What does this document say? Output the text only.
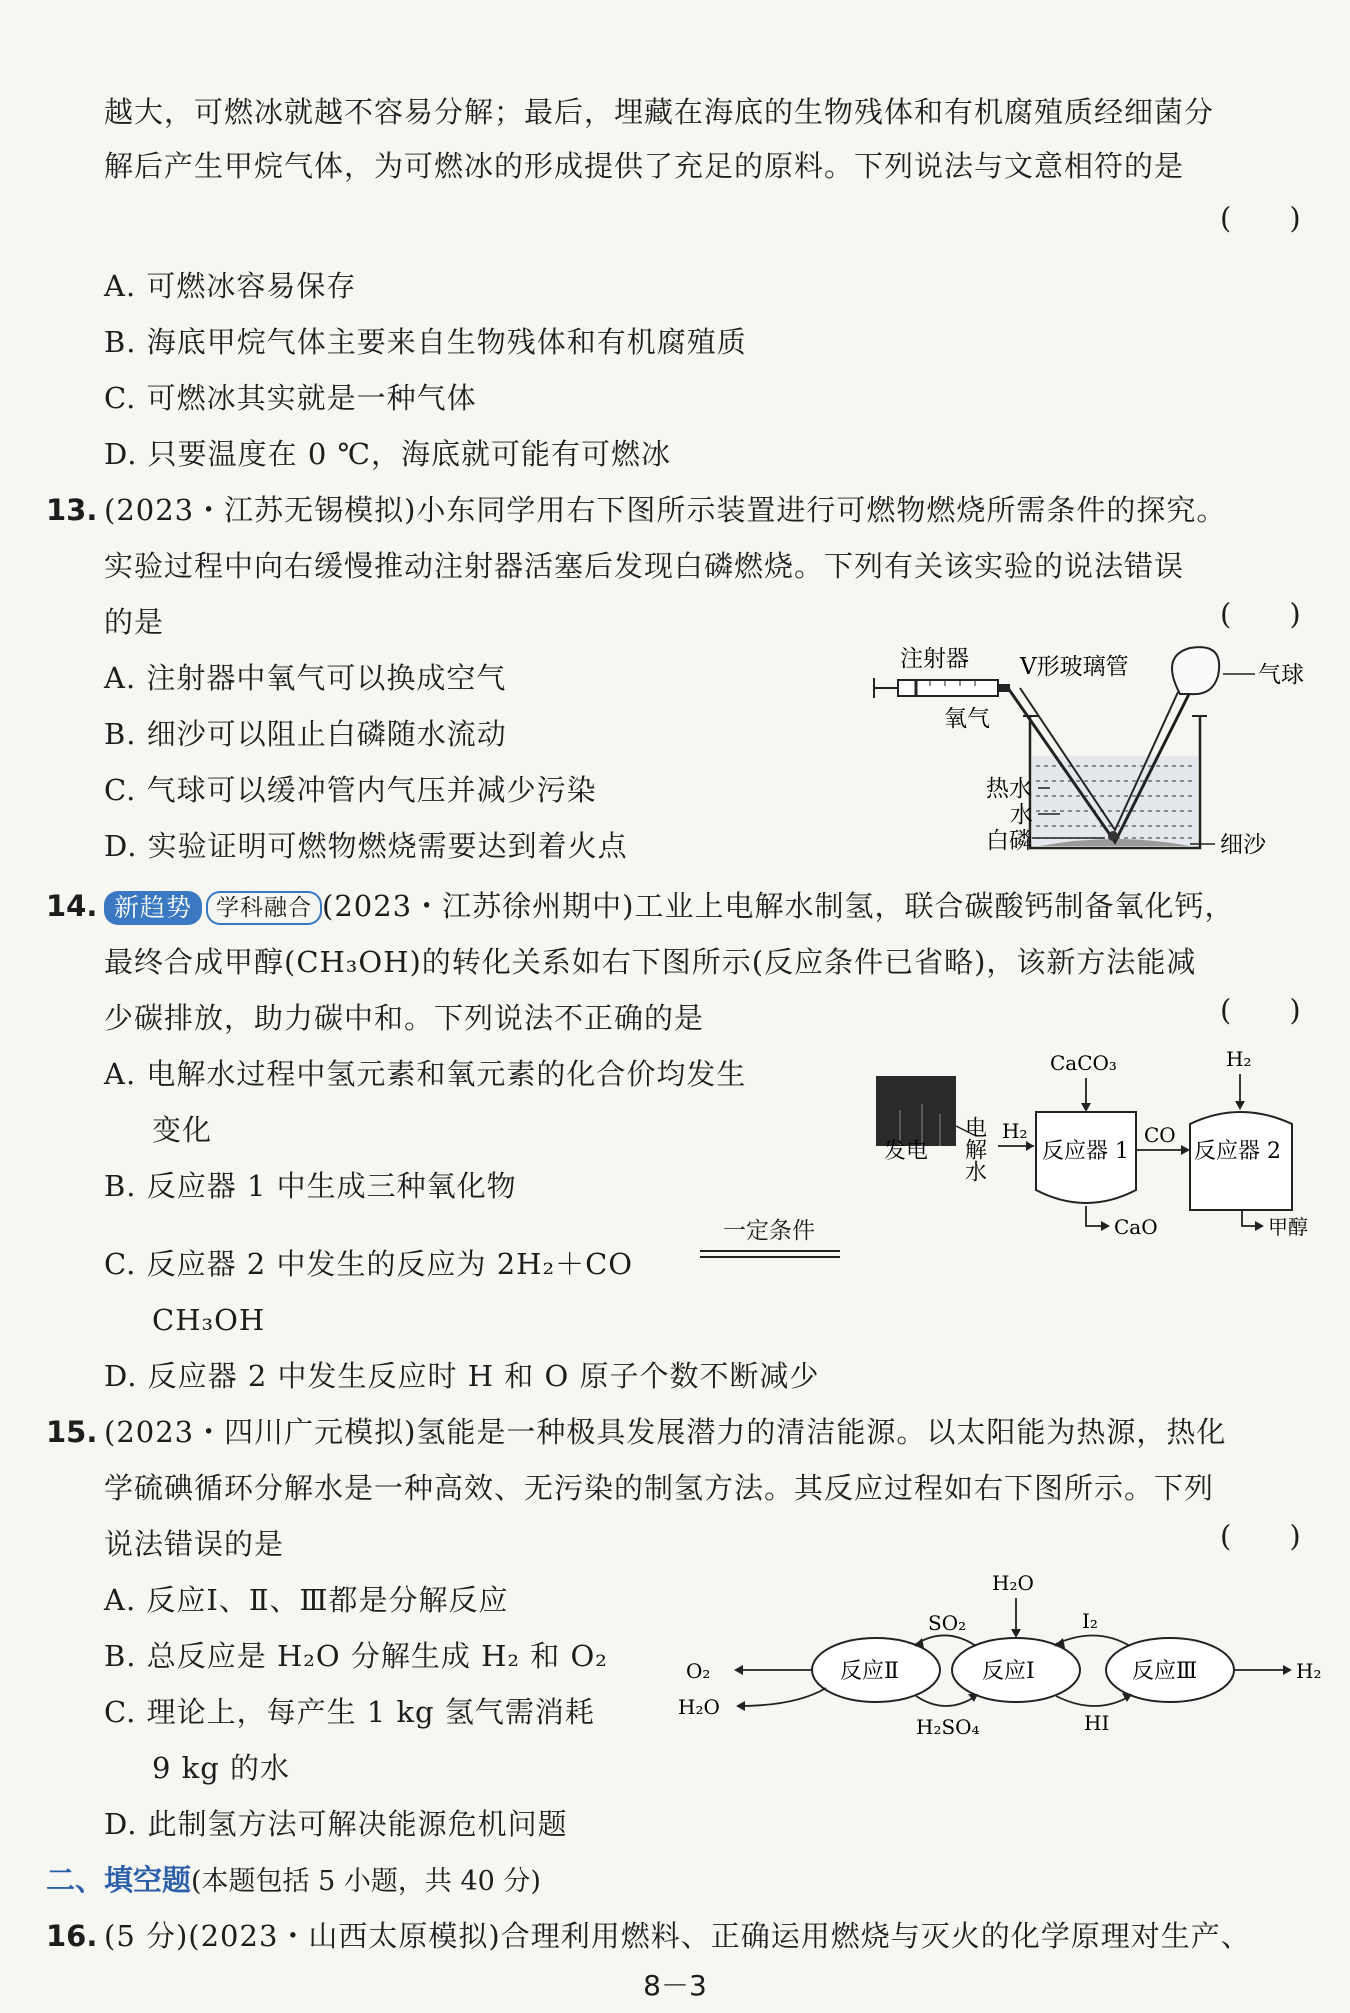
越大，可燃冰就越不容易分解；最后，埋藏在海底的生物残体和有机腐殖质经细菌分
解后产生甲烷气体，为可燃冰的形成提供了充足的原料。下列说法与文意相符的是
(　　)
A. 可燃冰容易保存
B. 海底甲烷气体主要来自生物残体和有机腐殖质
C. 可燃冰其实就是一种气体
D. 只要温度在 0 ℃，海底就可能有可燃冰
13. (2023・江苏无锡模拟)小东同学用右下图所示装置进行可燃物燃烧所需条件的探究。
实验过程中向右缓慢推动注射器活塞后发现白磷燃烧。下列有关该实验的说法错误
的是	(　　)
A. 注射器中氧气可以换成空气
B. 细沙可以阻止白磷随水流动
C. 气球可以缓冲管内气压并减少污染
D. 实验证明可燃物燃烧需要达到着火点
注射器 V形玻璃管	气球
氧气
热水
水
白磷	细沙
14. 新趋势 学科融合 (2023・江苏徐州期中)工业上电解水制氢，联合碳酸钙制备氧化钙，
最终合成甲醇(CH₃OH)的转化关系如右下图所示(反应条件已省略)，该新方法能减
少碳排放，助力碳中和。下列说法不正确的是	(　　)
A. 电解水过程中氢元素和氧元素的化合价均发生
变化
B. 反应器 1 中生成三种氧化物
C. 反应器 2 中发生的反应为 2H₂＋CO
一定条件
CH₃OH
D. 反应器 2 中发生反应时 H 和 O 原子个数不断减少
发电 电解水 H₂
反应器 1
CaCO₃
CaO
CO
反应器 2
H₂
甲醇
15. (2023・四川广元模拟)氢能是一种极具发展潜力的清洁能源。以太阳能为热源，热化
学硫碘循环分解水是一种高效、无污染的制氢方法。其反应过程如右下图所示。下列
说法错误的是	(　　)
A. 反应Ⅰ、Ⅱ、Ⅲ都是分解反应
B. 总反应是 H₂O 分解生成 H₂ 和 O₂
C. 理论上，每产生 1 kg 氢气需消耗
9 kg 的水
D. 此制氢方法可解决能源危机问题
反应Ⅱ	反应Ⅰ	反应Ⅲ
H₂O
SO₂
H₂SO₄
I₂
HI
O₂
H₂O
H₂
二、填空题(本题包括 5 小题，共 40 分)
16. (5 分)(2023・山西太原模拟)合理利用燃料、正确运用燃烧与灭火的化学原理对生产、
8－3
